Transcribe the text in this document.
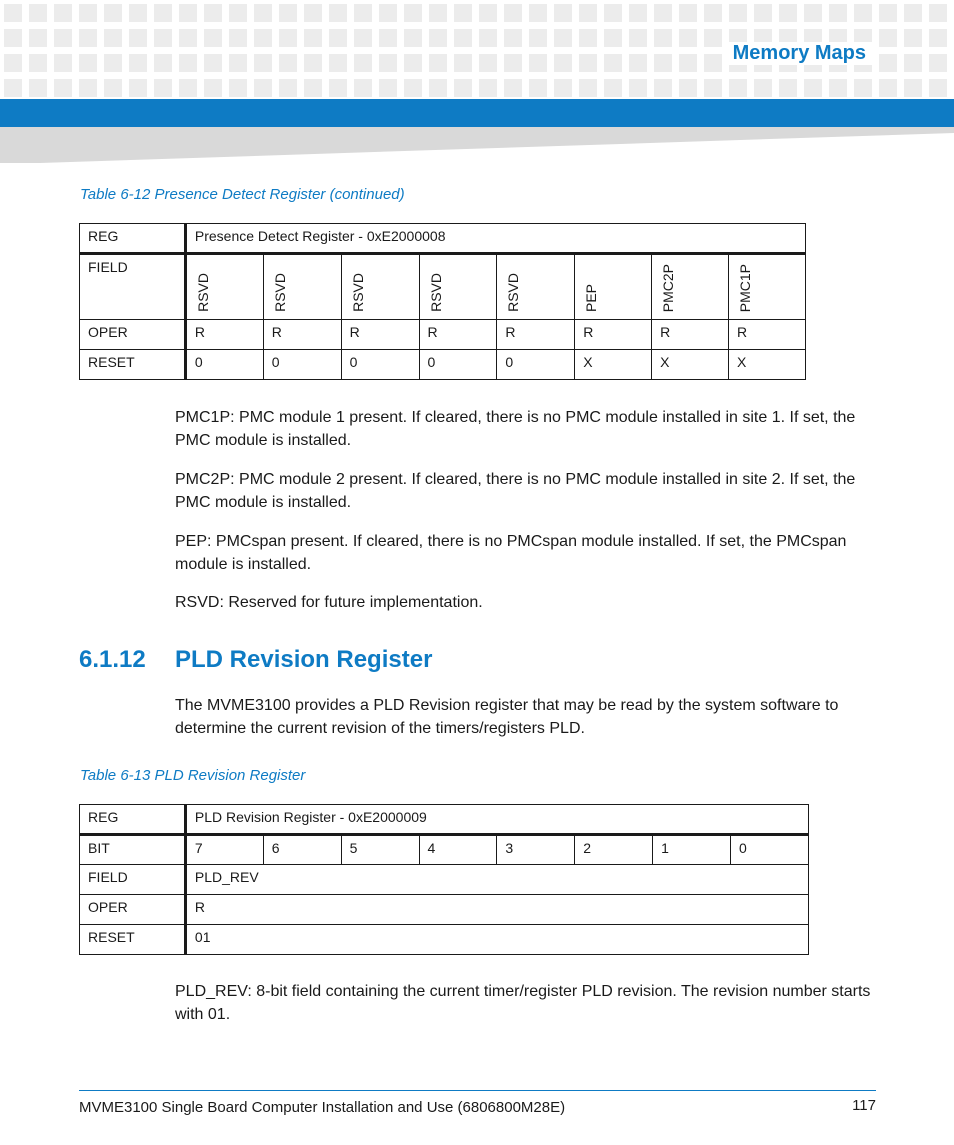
Memory Maps
Table 6-12 Presence Detect Register (continued)
REG	Presence Detect Register - 0xE2000008							
FIELD	RSVD	RSVD	RSVD	RSVD	RSVD	PEP	PMC2P	PMC1P
OPER	R	R	R	R	R	R	R	R
RESET	0	0	0	0	0	X	X	X
PMC1P: PMC module 1 present. If cleared, there is no PMC module installed in site 1. If set, the PMC module is installed.
PMC2P: PMC module 2 present. If cleared, there is no PMC module installed in site 2. If set, the PMC module is installed.
PEP: PMCspan present. If cleared, there is no PMCspan module installed. If set, the PMCspan module is installed.
RSVD: Reserved for future implementation.
6.1.12 PLD Revision Register
The MVME3100 provides a PLD Revision register that may be read by the system software to determine the current revision of the timers/registers PLD.
Table 6-13 PLD Revision Register
REG	PLD Revision Register - 0xE2000009							
BIT	7	6	5	4	3	2	1	0
FIELD	PLD_REV							
OPER	R							
RESET	01							
PLD_REV: 8-bit field containing the current timer/register PLD revision. The revision number starts with 01.
MVME3100 Single Board Computer Installation and Use (6806800M28E)	117
